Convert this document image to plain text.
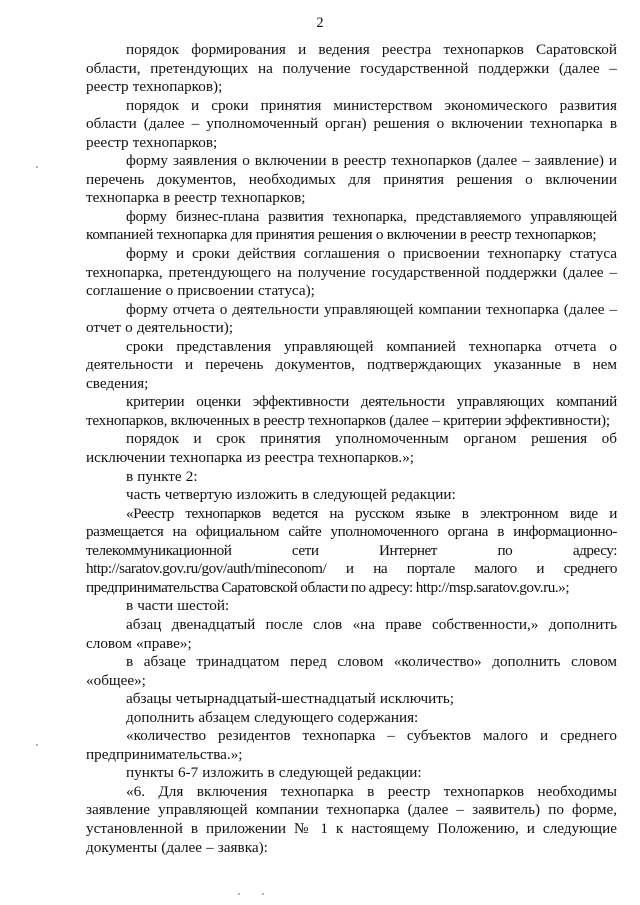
2

порядок формирования и ведения реестра технопарков Саратовской области, претендующих на получение государственной поддержки (далее – реестр технопарков);

порядок и сроки принятия министерством экономического развития области (далее – уполномоченный орган) решения о включении технопарка в реестр технопарков;

форму заявления о включении в реестр технопарков (далее – заявление) и перечень документов, необходимых для принятия решения о включении технопарка в реестр технопарков;

форму бизнес-плана развития технопарка, представляемого управляющей компанией технопарка для принятия решения о включении в реестр технопарков;

форму и сроки действия соглашения о присвоении технопарку статуса технопарка, претендующего на получение государственной поддержки (далее – соглашение о присвоении статуса);

форму отчета о деятельности управляющей компании технопарка (далее – отчет о деятельности);

сроки представления управляющей компанией технопарка отчета о деятельности и перечень документов, подтверждающих указанные в нем сведения;

критерии оценки эффективности деятельности управляющих компаний технопарков, включенных в реестр технопарков (далее – критерии эффективности);

порядок и срок принятия уполномоченным органом решения об исключении технопарка из реестра технопарков.»;

в пункте 2:

часть четвертую изложить в следующей редакции:

«Реестр технопарков ведется на русском языке в электронном виде и размещается на официальном сайте уполномоченного органа в информационно-телекоммуникационной сети Интернет по адресу: http://saratov.gov.ru/gov/auth/mineconom/ и на портале малого и среднего предпринимательства Саратовской области по адресу: http://msp.saratov.gov.ru.»;

в части шестой:

абзац двенадцатый после слов «на праве собственности,» дополнить словом «праве»;

в абзаце тринадцатом перед словом «количество» дополнить словом «общее»;

абзацы четырнадцатый-шестнадцатый исключить;

дополнить абзацем следующего содержания:

«количество резидентов технопарка – субъектов малого и среднего предпринимательства.»;

пункты 6-7 изложить в следующей редакции:

«6. Для включения технопарка в реестр технопарков необходимы заявление управляющей компании технопарка (далее – заявитель) по форме, установленной в приложении № 1 к настоящему Положению, и следующие документы (далее – заявка):
